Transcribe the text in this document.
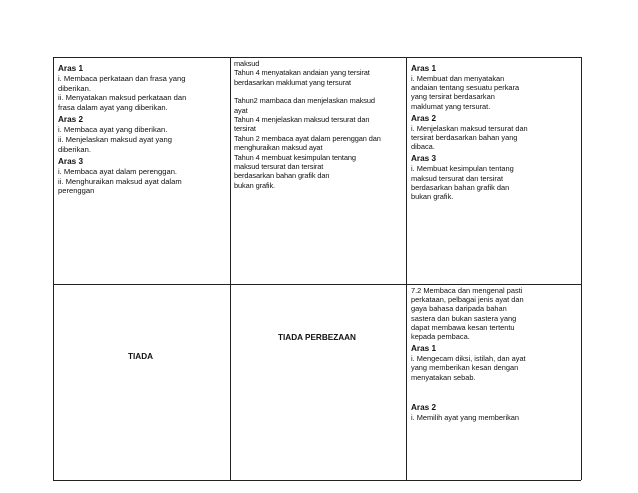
Aras 1
i. Membaca perkataan dan frasa yang
diberikan.
ii. Menyatakan maksud perkataan dan
frasa dalam ayat yang diberikan.
Aras 2
i. Membaca ayat yang diberikan.
ii. Menjelaskan maksud ayat yang
diberikan.
Aras 3
i. Membaca ayat dalam perenggan.
ii. Menghuraikan maksud ayat dalam
perenggan
maksud
Tahun 4 menyatakan andaian yang tersirat
berdasarkan maklumat yang tersurat
Tahun2 mambaca dan menjelaskan maksud
ayat
Tahun 4 menjelaskan maksud tersurat dan
tersirat
Tahun 2 membaca ayat dalam perenggan dan
menghuraikan maksud ayat
Tahun 4 membuat kesimpulan tentang
maksud tersurat dan tersirat
berdasarkan bahan grafik dan
bukan grafik.
Aras 1
i. Membuat dan menyatakan
andaian tentang sesuatu perkara
yang tersirat berdasarkan
maklumat yang tersurat.
Aras 2
i. Menjelaskan maksud tersurat dan
tersirat berdasarkan bahan yang
dibaca.
Aras 3
i. Membuat kesimpulan tentang
maksud tersurat dan tersirat
berdasarkan bahan grafik dan
bukan grafik.
TIADA
TIADA PERBEZAAN
7.2 Membaca dan mengenal pasti
perkataan, pelbagai jenis ayat dan
gaya bahasa daripada bahan
sastera dan bukan sastera yang
dapat membawa kesan tertentu
kepada pembaca.
Aras 1
i. Mengecam diksi, istilah, dan ayat
yang memberikan kesan dengan
menyatakan sebab.
Aras 2
i. Memilih ayat yang memberikan
